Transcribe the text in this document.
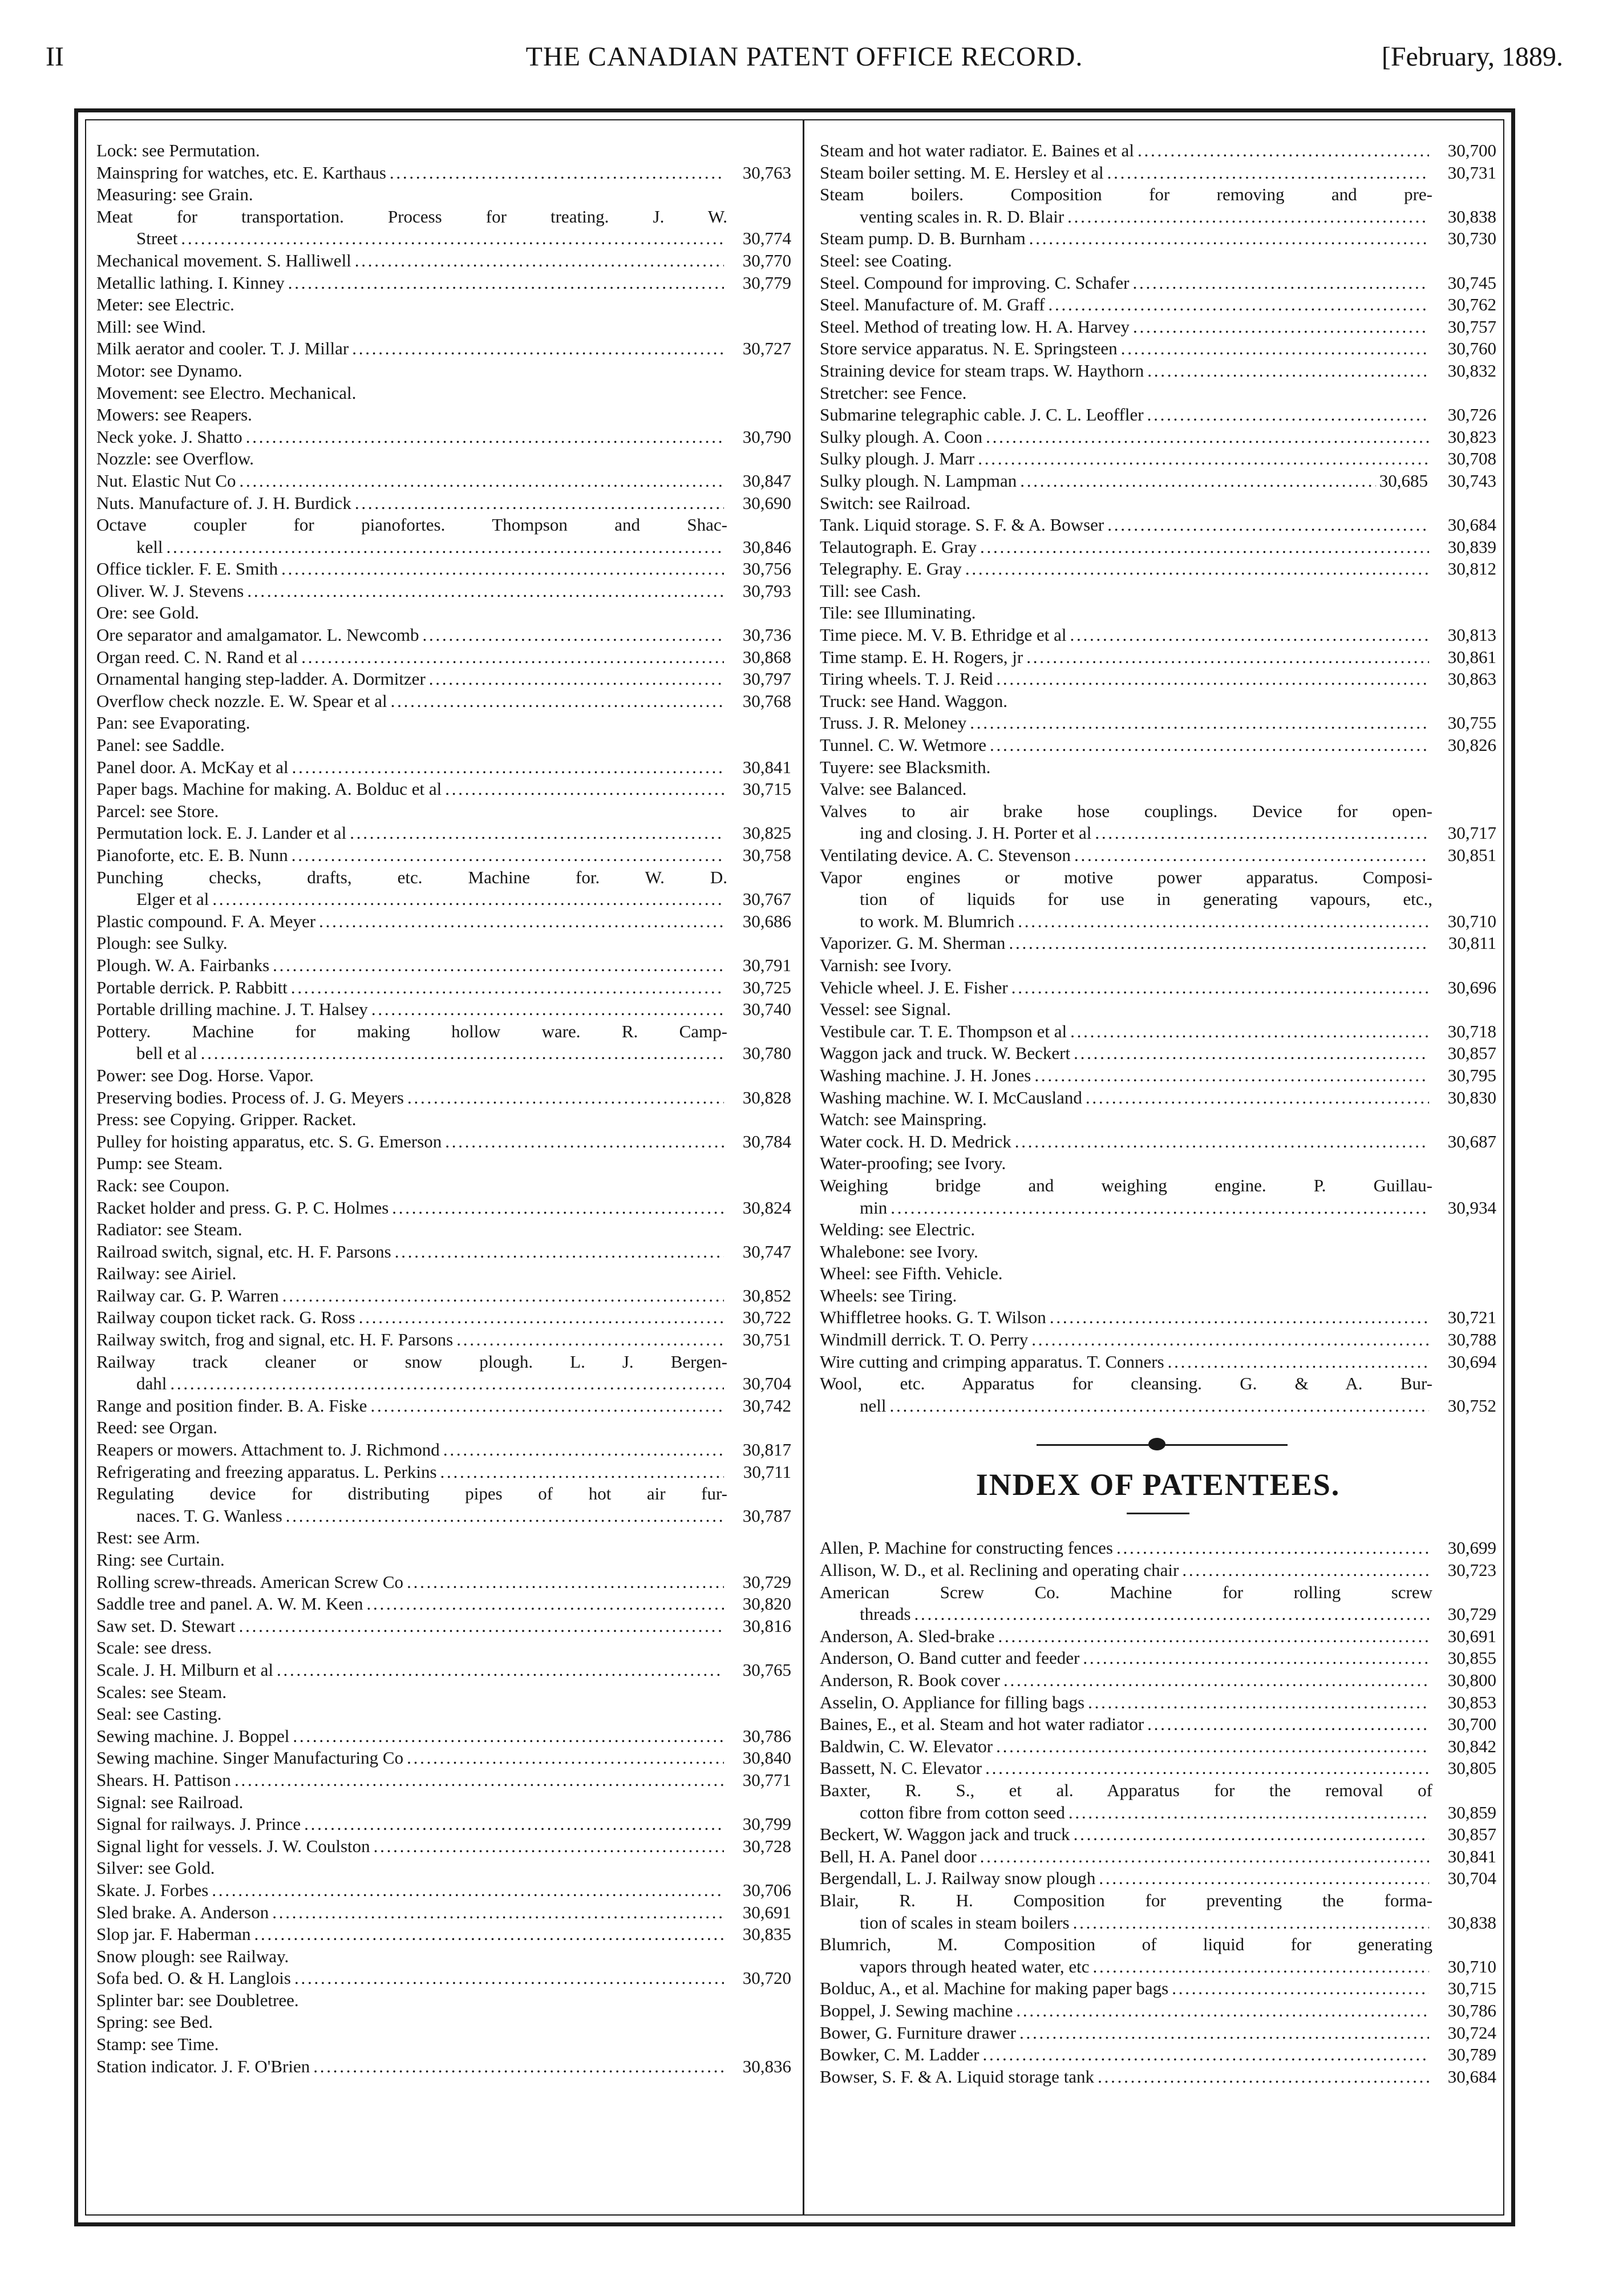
II	THE CANADIAN PATENT OFFICE RECORD.	[February, 1889.
Lock: see Permutation.
Mainspring for watches, etc. E. Karthaus . . .	30,763
Measuring: see Grain.
Meat for transportation. Process for treating. J. W.
Street . . .	30,774
Mechanical movement. S. Halliwell . . .	30,770
Metallic lathing. I. Kinney . . .	30,779
Meter: see Electric.
Mill: see Wind.
Milk aerator and cooler. T. J. Millar . . .	30,727
Motor: see Dynamo.
Movement: see Electro. Mechanical.
Mowers: see Reapers.
Neck yoke. J. Shatto . . .	30,790
Nozzle: see Overflow.
Nut. Elastic Nut Co . . .	30,847
Nuts. Manufacture of. J. H. Burdick . . .	30,690
Octave coupler for pianofortes. Thompson and Shac-
kell . . .	30,846
Office tickler. F. E. Smith . . .	30,756
Oliver. W. J. Stevens . . .	30,793
Ore: see Gold.
Ore separator and amalgamator. L. Newcomb . . .	30,736
Organ reed. C. N. Rand et al . . .	30,868
Ornamental hanging step-ladder. A. Dormitzer . . .	30,797
Overflow check nozzle. E. W. Spear et al . . .	30,768
Pan: see Evaporating.
Panel: see Saddle.
Panel door. A. McKay et al . . .	30,841
Paper bags. Machine for making. A. Bolduc et al . . .	30,715
Parcel: see Store.
Permutation lock. E. J. Lander et al . . .	30,825
Pianoforte, etc. E. B. Nunn . . .	30,758
Punching checks, drafts, etc. Machine for. W. D.
Elger et al . . .	30,767
Plastic compound. F. A. Meyer . . .	30,686
Plough: see Sulky.
Plough. W. A. Fairbanks . . .	30,791
Portable derrick. P. Rabbitt . . .	30,725
Portable drilling machine. J. T. Halsey . . .	30,740
Pottery. Machine for making hollow ware. R. Camp-
bell et al . . .	30,780
Power: see Dog. Horse. Vapor.
Preserving bodies. Process of. J. G. Meyers . . .	30,828
Press: see Copying. Gripper. Racket.
Pulley for hoisting apparatus, etc. S. G. Emerson . . .	30,784
Pump: see Steam.
Rack: see Coupon.
Racket holder and press. G. P. C. Holmes . . .	30,824
Radiator: see Steam.
Railroad switch, signal, etc. H. F. Parsons . . .	30,747
Railway: see Airiel.
Railway car. G. P. Warren . . .	30,852
Railway coupon ticket rack. G. Ross . . .	30,722
Railway switch, frog and signal, etc. H. F. Parsons . . .	30,751
Railway track cleaner or snow plough. L. J. Bergen-
dahl . . .	30,704
Range and position finder. B. A. Fiske . . .	30,742
Reed: see Organ.
Reapers or mowers. Attachment to. J. Richmond . . .	30,817
Refrigerating and freezing apparatus. L. Perkins . . .	30,711
Regulating device for distributing pipes of hot air fur-
naces. T. G. Wanless . . .	30,787
Rest: see Arm.
Ring: see Curtain.
Rolling screw-threads. American Screw Co . . .	30,729
Saddle tree and panel. A. W. M. Keen . . .	30,820
Saw set. D. Stewart . . .	30,816
Scale: see dress.
Scale. J. H. Milburn et al . . .	30,765
Scales: see Steam.
Seal: see Casting.
Sewing machine. J. Boppel . . .	30,786
Sewing machine. Singer Manufacturing Co . . .	30,840
Shears. H. Pattison . . .	30,771
Signal: see Railroad.
Signal for railways. J. Prince . . .	30,799
Signal light for vessels. J. W. Coulston . . .	30,728
Silver: see Gold.
Skate. J. Forbes . . .	30,706
Sled brake. A. Anderson . . .	30,691
Slop jar. F. Haberman . . .	30,835
Snow plough: see Railway.
Sofa bed. O. & H. Langlois . . .	30,720
Splinter bar: see Doubletree.
Spring: see Bed.
Stamp: see Time.
Station indicator. J. F. O'Brien . . .	30,836
Steam and hot water radiator. E. Baines et al . . .	30,700
Steam boiler setting. M. E. Hersley et al . . .	30,731
Steam boilers. Composition for removing and pre-
venting scales in. R. D. Blair . . .	30,838
Steam pump. D. B. Burnham . . .	30,730
Steel: see Coating.
Steel. Compound for improving. C. Schafer . . .	30,745
Steel. Manufacture of. M. Graff . . .	30,762
Steel. Method of treating low. H. A. Harvey . . .	30,757
Store service apparatus. N. E. Springsteen . . .	30,760
Straining device for steam traps. W. Haythorn . . .	30,832
Stretcher: see Fence.
Submarine telegraphic cable. J. C. L. Leoffler . . .	30,726
Sulky plough. A. Coon . . .	30,823
Sulky plough. J. Marr . . .	30,708
Sulky plough. N. Lampman . . .	30,685	30,743
Switch: see Railroad.
Tank. Liquid storage. S. F. & A. Bowser . . .	30,684
Telautograph. E. Gray . . .	30,839
Telegraphy. E. Gray . . .	30,812
Till: see Cash.
Tile: see Illuminating.
Time piece. M. V. B. Ethridge et al . . .	30,813
Time stamp. E. H. Rogers, jr . . .	30,861
Tiring wheels. T. J. Reid . . .	30,863
Truck: see Hand. Waggon.
Truss. J. R. Meloney . . .	30,755
Tunnel. C. W. Wetmore . . .	30,826
Tuyere: see Blacksmith.
Valve: see Balanced.
Valves to air brake hose couplings. Device for open-
ing and closing. J. H. Porter et al . . .	30,717
Ventilating device. A. C. Stevenson . . .	30,851
Vapor engines or motive power apparatus. Composi-
tion of liquids for use in generating vapours, etc.,
to work. M. Blumrich . . .	30,710
Vaporizer. G. M. Sherman . . .	30,811
Varnish: see Ivory.
Vehicle wheel. J. E. Fisher . . .	30,696
Vessel: see Signal.
Vestibule car. T. E. Thompson et al . . .	30,718
Waggon jack and truck. W. Beckert . . .	30,857
Washing machine. J. H. Jones . . .	30,795
Washing machine. W. I. McCausland . . .	30,830
Watch: see Mainspring.
Water cock. H. D. Medrick . . .	30,687
Water-proofing; see Ivory.
Weighing bridge and weighing engine. P. Guillau-
min . . .	30,934
Welding: see Electric.
Whalebone: see Ivory.
Wheel: see Fifth. Vehicle.
Wheels: see Tiring.
Whiffletree hooks. G. T. Wilson . . .	30,721
Windmill derrick. T. O. Perry . . .	30,788
Wire cutting and crimping apparatus. T. Conners . . .	30,694
Wool, etc. Apparatus for cleansing. G. & A. Bur-
nell . . .	30,752
INDEX OF PATENTEES.
Allen, P. Machine for constructing fences . . .	30,699
Allison, W. D., et al. Reclining and operating chair . . .	30,723
American Screw Co. Machine for rolling screw
threads . . .	30,729
Anderson, A. Sled-brake . . .	30,691
Anderson, O. Band cutter and feeder . . .	30,855
Anderson, R. Book cover . . .	30,800
Asselin, O. Appliance for filling bags . . .	30,853
Baines, E., et al. Steam and hot water radiator . . .	30,700
Baldwin, C. W. Elevator . . .	30,842
Bassett, N. C. Elevator . . .	30,805
Baxter, R. S., et al. Apparatus for the removal of
cotton fibre from cotton seed . . .	30,859
Beckert, W. Waggon jack and truck . . .	30,857
Bell, H. A. Panel door . . .	30,841
Bergendall, L. J. Railway snow plough . . .	30,704
Blair, R. H. Composition for preventing the forma-
tion of scales in steam boilers . . .	30,838
Blumrich, M. Composition of liquid for generating
vapors through heated water, etc . . .	30,710
Bolduc, A., et al. Machine for making paper bags . . .	30,715
Boppel, J. Sewing machine . . .	30,786
Bower, G. Furniture drawer . . .	30,724
Bowker, C. M. Ladder . . .	30,789
Bowser, S. F. & A. Liquid storage tank . . .	30,684
